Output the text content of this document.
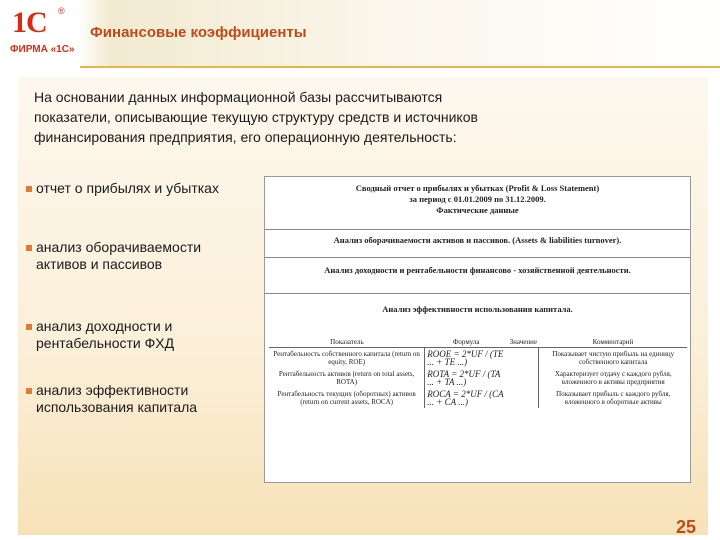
1С ®
ФИРМА «1С»
Финансовые коэффициенты
На основании данных информационной базы рассчитываются показатели, описывающие текущую структуру средств и источников финансирования предприятия, его операционную деятельность:
отчет о прибылях и убытках
анализ оборачиваемости
активов и пассивов
анализ доходности и
рентабельности ФХД
анализ эффективности
использования капитала
Сводный отчет о прибылях и убытках (Profit & Loss Statement)
за период с 01.01.2009 по 31.12.2009.
Фактические данные
Анализ оборачиваемости активов и пассивов. (Assets & liabilities turnover).
Анализ доходности и рентабельности финансово - хозяйственной деятельности.
Анализ эффективности использования капитала.
Показатель	Формула	Значение	Комментарий
Рентабельность собственного капитала (return on equity, ROE)	ROOE = 2*UF / (TE ... + TE ...)		Показывает чистую прибыль на единицу собственного капитала
Рентабельность активов (return on total assets, ROTA)	ROTA = 2*UF / (TA ... + TA ...)		Характеризует отдачу с каждого рубля, вложенного в активы предприятия
Рентабельность текущих (оборотных) активов (return on current assets, ROCA)	ROCA = 2*UF / (CA ... + CA ...)		Показывает прибыль с каждого рубля, вложенного в оборотные активы
25
